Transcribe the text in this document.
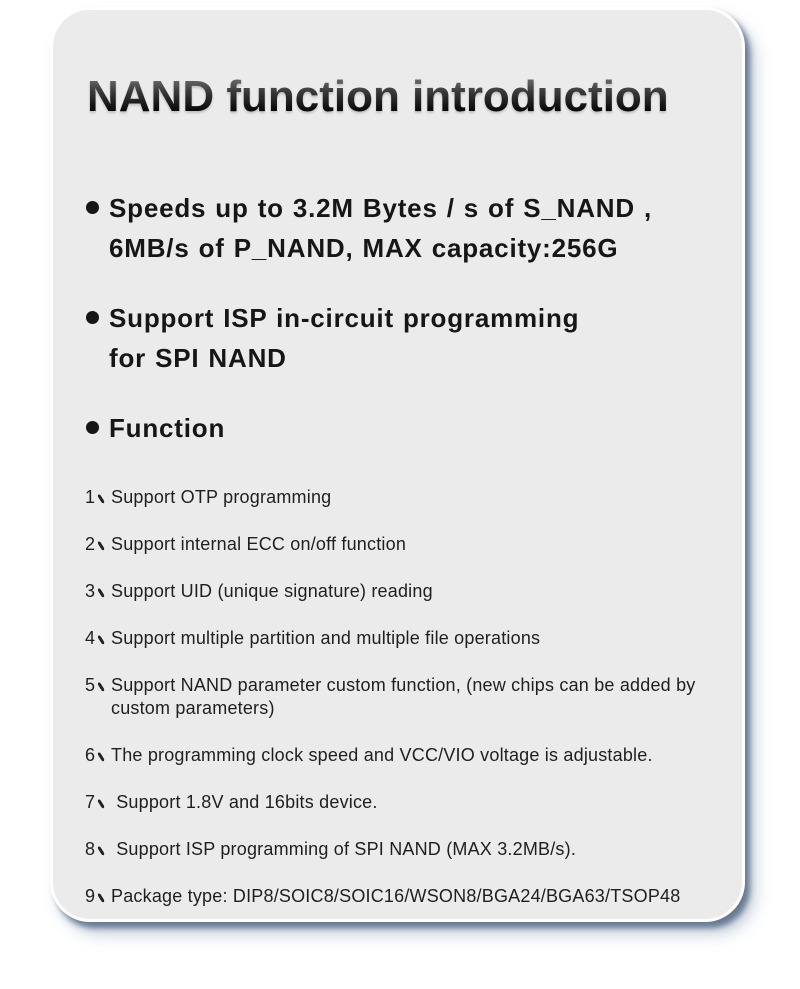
NAND function introduction
Speeds up to 3.2M Bytes / s of S_NAND ,
6MB/s of P_NAND, MAX capacity:256G
Support ISP in-circuit programming
for SPI NAND
Function
1 Support OTP programming
2 Support internal ECC on/off function
3 Support UID (unique signature) reading
4 Support multiple partition and multiple file operations
5 Support NAND parameter custom function, (new chips can be added by custom parameters)
6 The programming clock speed and VCC/VIO voltage is adjustable.
7 Support 1.8V and 16bits device.
8 Support ISP programming of SPI NAND (MAX 3.2MB/s).
9 Package type: DIP8/SOIC8/SOIC16/WSON8/BGA24/BGA63/TSOP48
